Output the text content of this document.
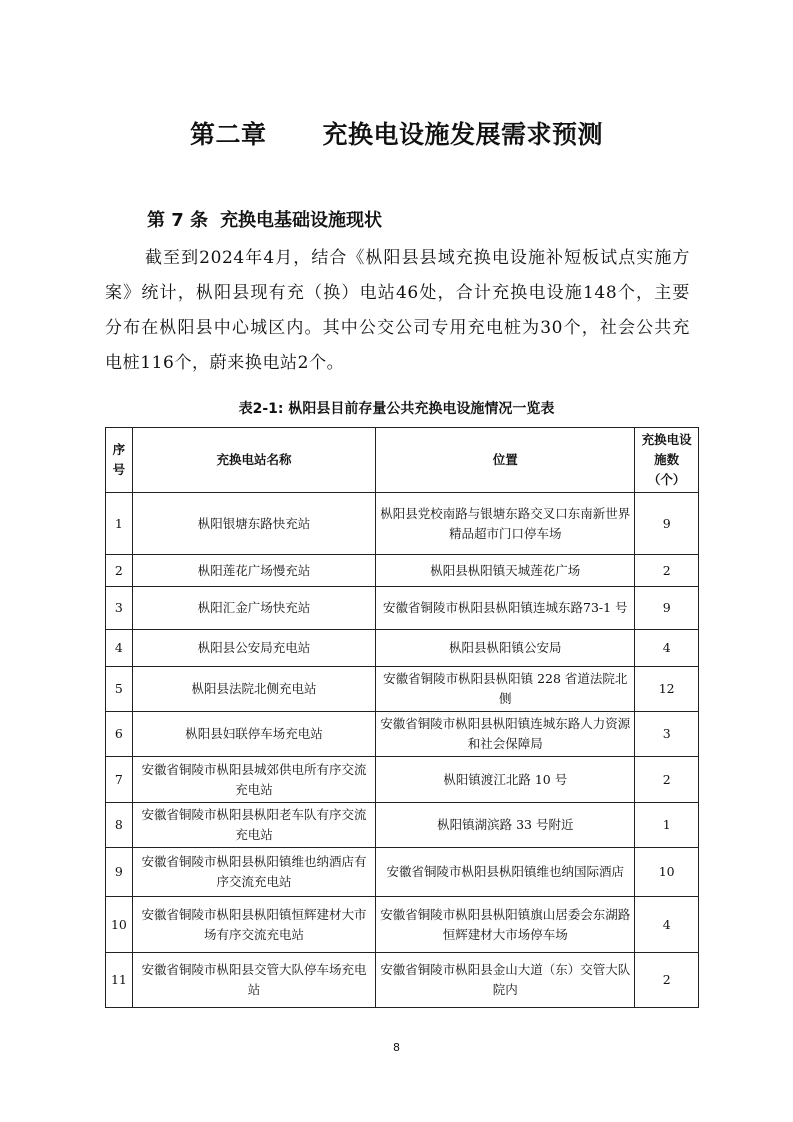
第二章 充换电设施发展需求预测
第 7 条 充换电基础设施现状
截至到2024年4月，结合《枞阳县县域充换电设施补短板试点实施方案》统计，枞阳县现有充（换）电站46处，合计充换电设施148个，主要分布在枞阳县中心城区内。其中公交公司专用充电桩为30个，社会公共充电桩116个，蔚来换电站2个。
表2-1: 枞阳县目前存量公共充换电设施情况一览表
序号	充换电站名称	位置	充换电设施数（个）
1	枞阳银塘东路快充站	枞阳县党校南路与银塘东路交叉口东南新世界精品超市门口停车场	9
2	枞阳莲花广场慢充站	枞阳县枞阳镇天城莲花广场	2
3	枞阳汇金广场快充站	安徽省铜陵市枞阳县枞阳镇连城东路73-1 号	9
4	枞阳县公安局充电站	枞阳县枞阳镇公安局	4
5	枞阳县法院北侧充电站	安徽省铜陵市枞阳县枞阳镇 228 省道法院北侧	12
6	枞阳县妇联停车场充电站	安徽省铜陵市枞阳县枞阳镇连城东路人力资源和社会保障局	3
7	安徽省铜陵市枞阳县城郊供电所有序交流充电站	枞阳镇渡江北路 10 号	2
8	安徽省铜陵市枞阳县枞阳老车队有序交流充电站	枞阳镇湖滨路 33 号附近	1
9	安徽省铜陵市枞阳县枞阳镇维也纳酒店有序交流充电站	安徽省铜陵市枞阳县枞阳镇维也纳国际酒店	10
10	安徽省铜陵市枞阳县枞阳镇恒辉建材大市场有序交流充电站	安徽省铜陵市枞阳县枞阳镇旗山居委会东湖路恒辉建材大市场停车场	4
11	安徽省铜陵市枞阳县交管大队停车场充电站	安徽省铜陵市枞阳县金山大道（东）交管大队院内	2
8
